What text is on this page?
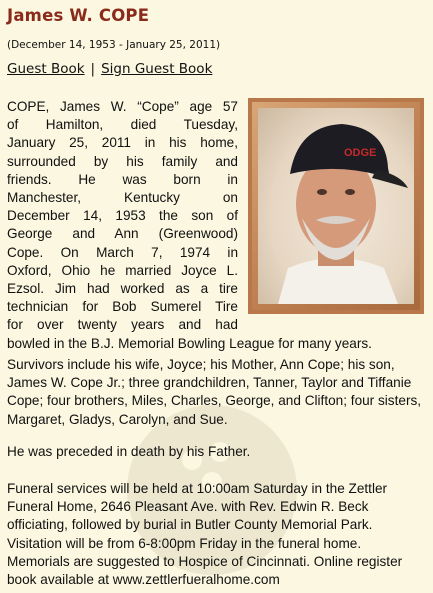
James W. COPE
(December 14, 1953 - January 25, 2011)
Guest Book | Sign Guest Book
ODGE
COPE, James W. “Cope” age 57
of Hamilton, died Tuesday,
January 25, 2011 in his home,
surrounded by his family and
friends. He was born in
Manchester, Kentucky on
December 14, 1953 the son of
George and Ann (Greenwood)
Cope. On March 7, 1974 in
Oxford, Ohio he married Joyce L.
Ezsol. Jim had worked as a tire
technician for Bob Sumerel Tire
for over twenty years and had
bowled in the B.J. Memorial Bowling League for many years.
Survivors include his wife, Joyce; his Mother, Ann Cope; his son, James W. Cope Jr.; three grandchildren, Tanner, Taylor and Tiffanie Cope; four brothers, Miles, Charles, George, and Clifton; four sisters, Margaret, Gladys, Carolyn, and Sue.
He was preceded in death by his Father.
Funeral services will be held at 10:00am Saturday in the Zettler Funeral Home, 2646 Pleasant Ave. with Rev. Edwin R. Beck officiating, followed by burial in Butler County Memorial Park. Visitation will be from 6-8:00pm Friday in the funeral home. Memorials are suggested to Hospice of Cincinnati. Online register book available at www.zettlerfueralhome.com
